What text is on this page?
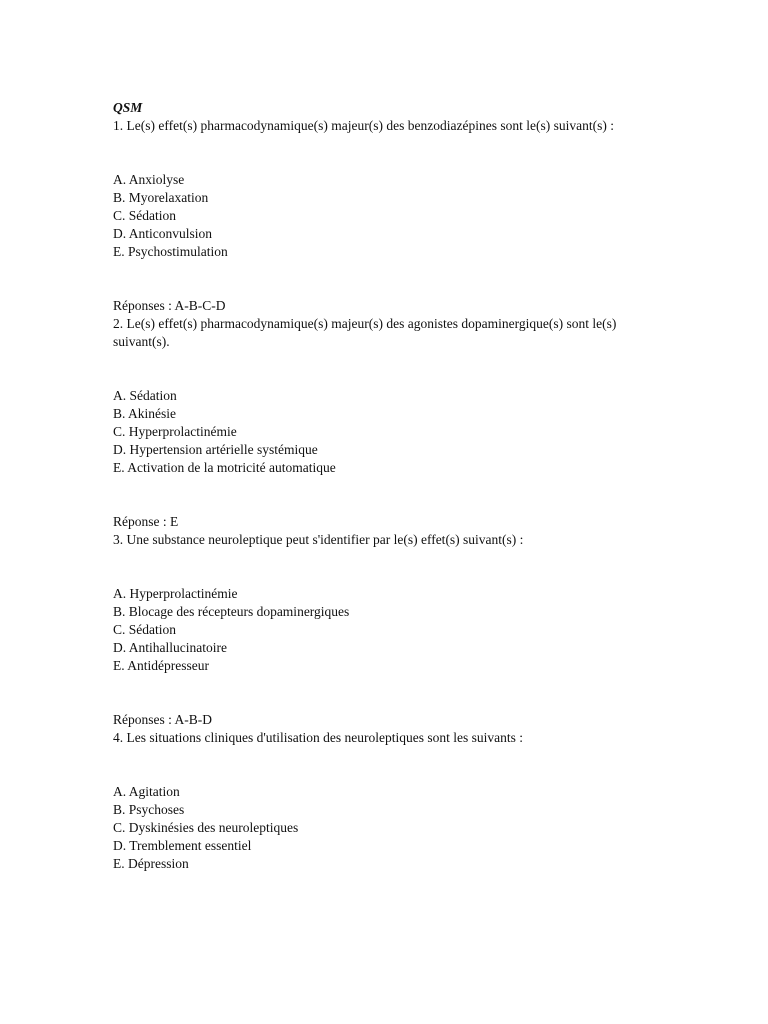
QSM
1. Le(s) effet(s) pharmacodynamique(s) majeur(s) des benzodiazépines sont le(s) suivant(s) :
A. Anxiolyse
B. Myorelaxation
C. Sédation
D. Anticonvulsion
E. Psychostimulation
Réponses : A-B-C-D
2. Le(s) effet(s) pharmacodynamique(s) majeur(s) des agonistes dopaminergique(s) sont le(s) suivant(s).
A. Sédation
B. Akinésie
C. Hyperprolactinémie
D. Hypertension artérielle systémique
E. Activation de la motricité automatique
Réponse : E
3. Une substance neuroleptique peut s'identifier par le(s) effet(s) suivant(s) :
A. Hyperprolactinémie
B. Blocage des récepteurs dopaminergiques
C. Sédation
D. Antihallucinatoire
E. Antidépresseur
Réponses : A-B-D
4. Les situations cliniques d'utilisation des neuroleptiques sont les suivants :
A. Agitation
B. Psychoses
C. Dyskinésies des neuroleptiques
D. Tremblement essentiel
E. Dépression
